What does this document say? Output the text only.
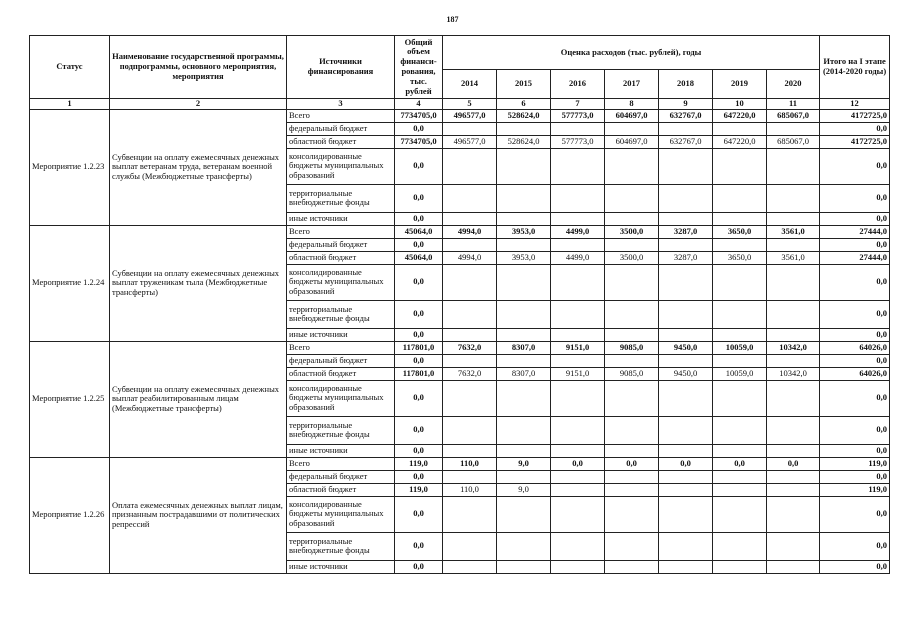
187
Статус	Наименование государственной программы, подпрограммы, основного мероприятия, мероприятия	Источники финансирования	Общий объем финанси-рования, тыс. рублей	Оценка расходов (тыс. рублей), годы							Итого на I этапе (2014-2020 годы)
				2014	2015	2016	2017	2018	2019	2020	
1	2	3	4	5	6	7	8	9	10	11	12
Мероприятие 1.2.23	Субвенции на оплату ежемесячных денежных выплат ветеранам труда, ветеранам военной службы (Межбюджетные трансферты)	Всего	7734705,0	496577,0	528624,0	577773,0	604697,0	632767,0	647220,0	685067,0	4172725,0
		федеральный бюджет	0,0								0,0
		областной бюджет	7734705,0	496577,0	528624,0	577773,0	604697,0	632767,0	647220,0	685067,0	4172725,0
		консолидированные бюджеты муниципальных образований	0,0								0,0
		территориальные внебюджетные фонды	0,0								0,0
		иные источники	0,0								0,0
Мероприятие 1.2.24	Субвенции на оплату ежемесячных денежных выплат труженикам тыла (Межбюджетные трансферты)	Всего	45064,0	4994,0	3953,0	4499,0	3500,0	3287,0	3650,0	3561,0	27444,0
		федеральный бюджет	0,0								0,0
		областной бюджет	45064,0	4994,0	3953,0	4499,0	3500,0	3287,0	3650,0	3561,0	27444,0
		консолидированные бюджеты муниципальных образований	0,0								0,0
		территориальные внебюджетные фонды	0,0								0,0
		иные источники	0,0								0,0
Мероприятие 1.2.25	Субвенции на оплату ежемесячных денежных выплат реабилитированным лицам (Межбюджетные трансферты)	Всего	117801,0	7632,0	8307,0	9151,0	9085,0	9450,0	10059,0	10342,0	64026,0
		федеральный бюджет	0,0								0,0
		областной бюджет	117801,0	7632,0	8307,0	9151,0	9085,0	9450,0	10059,0	10342,0	64026,0
		консолидированные бюджеты муниципальных образований	0,0								0,0
		территориальные внебюджетные фонды	0,0								0,0
		иные источники	0,0								0,0
Мероприятие 1.2.26	Оплата ежемесячных денежных выплат лицам, признанным пострадавшими от политических репрессий	Всего	119,0	110,0	9,0	0,0	0,0	0,0	0,0	0,0	119,0
		федеральный бюджет	0,0								0,0
		областной бюджет	119,0	110,0	9,0						119,0
		консолидированные бюджеты муниципальных образований	0,0								0,0
		территориальные внебюджетные фонды	0,0								0,0
		иные источники	0,0								0,0
